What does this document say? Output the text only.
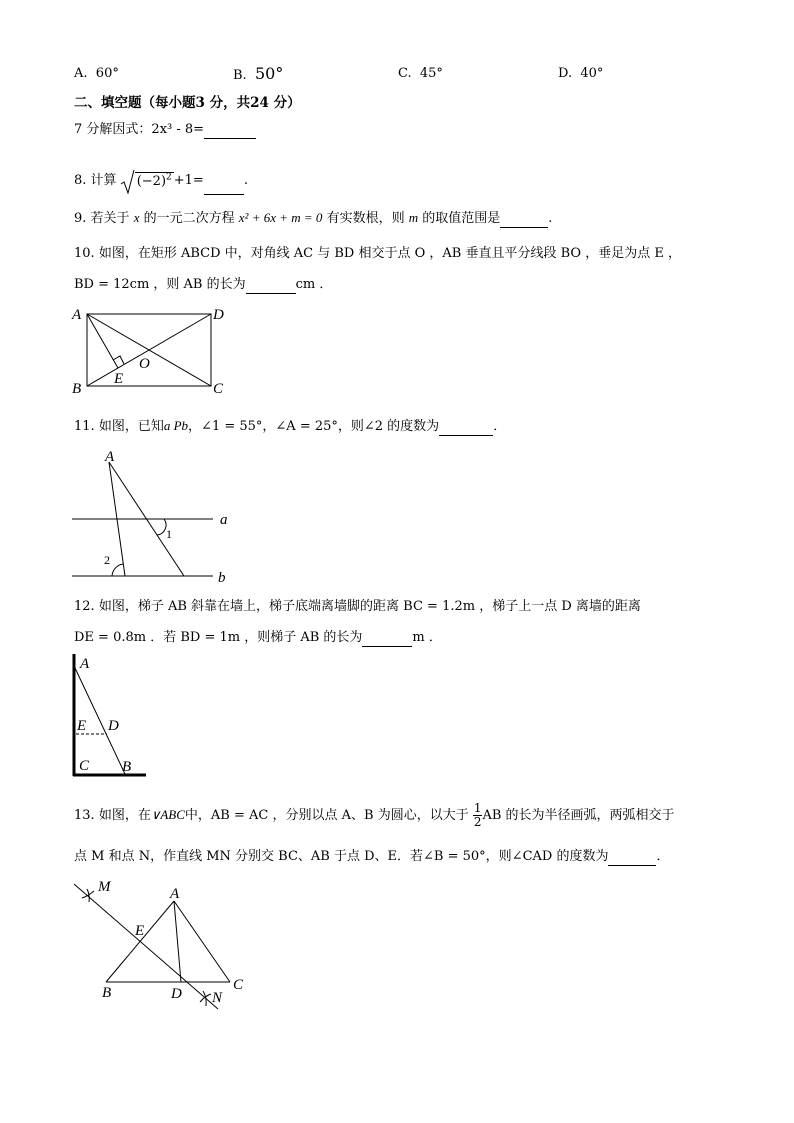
A. 60°	B. 50°	C. 45°	D. 40°
二、填空题（每小题3 分，共24 分）
7 分解因式：2x³ - 8=
8. 计算 $(-2)^2 +1=$	.
9. 若关于 x 的一元二次方程 x² + 6x + m = 0 有实数根，则 m 的取值范围是	.
10. 如图，在矩形 ABCD 中，对角线 AC 与 BD 相交于点 O ，AB 垂直且平分线段 BO ，垂足为点 E ，
BD = 12cm ，则 AB 的长为	cm ．
A	D
B	C
O
E
11. 如图，已知a Pb，∠1 = 55°，∠A = 25°，则∠2 的度数为	．
A
a
b
1
2
12. 如图，梯子 AB 斜靠在墙上，梯子底端离墙脚的距离 BC = 1.2m ，梯子上一点 D 离墙的距离
DE = 0.8m ．若 BD = 1m ，则梯子 AB 的长为	m ．
A
E D
C B
13. 如图，在∨ABC中，AB = AC ，分别以点 A、B 为圆心，以大于 $\frac{1}{2}$ AB 的长为半径画弧，两弧相交于
点 M 和点 N，作直线 MN 分别交 BC、AB 于点 D、E．若∠B = 50°，则∠CAD 的度数为	．
M	A
E
B	D
C
N
